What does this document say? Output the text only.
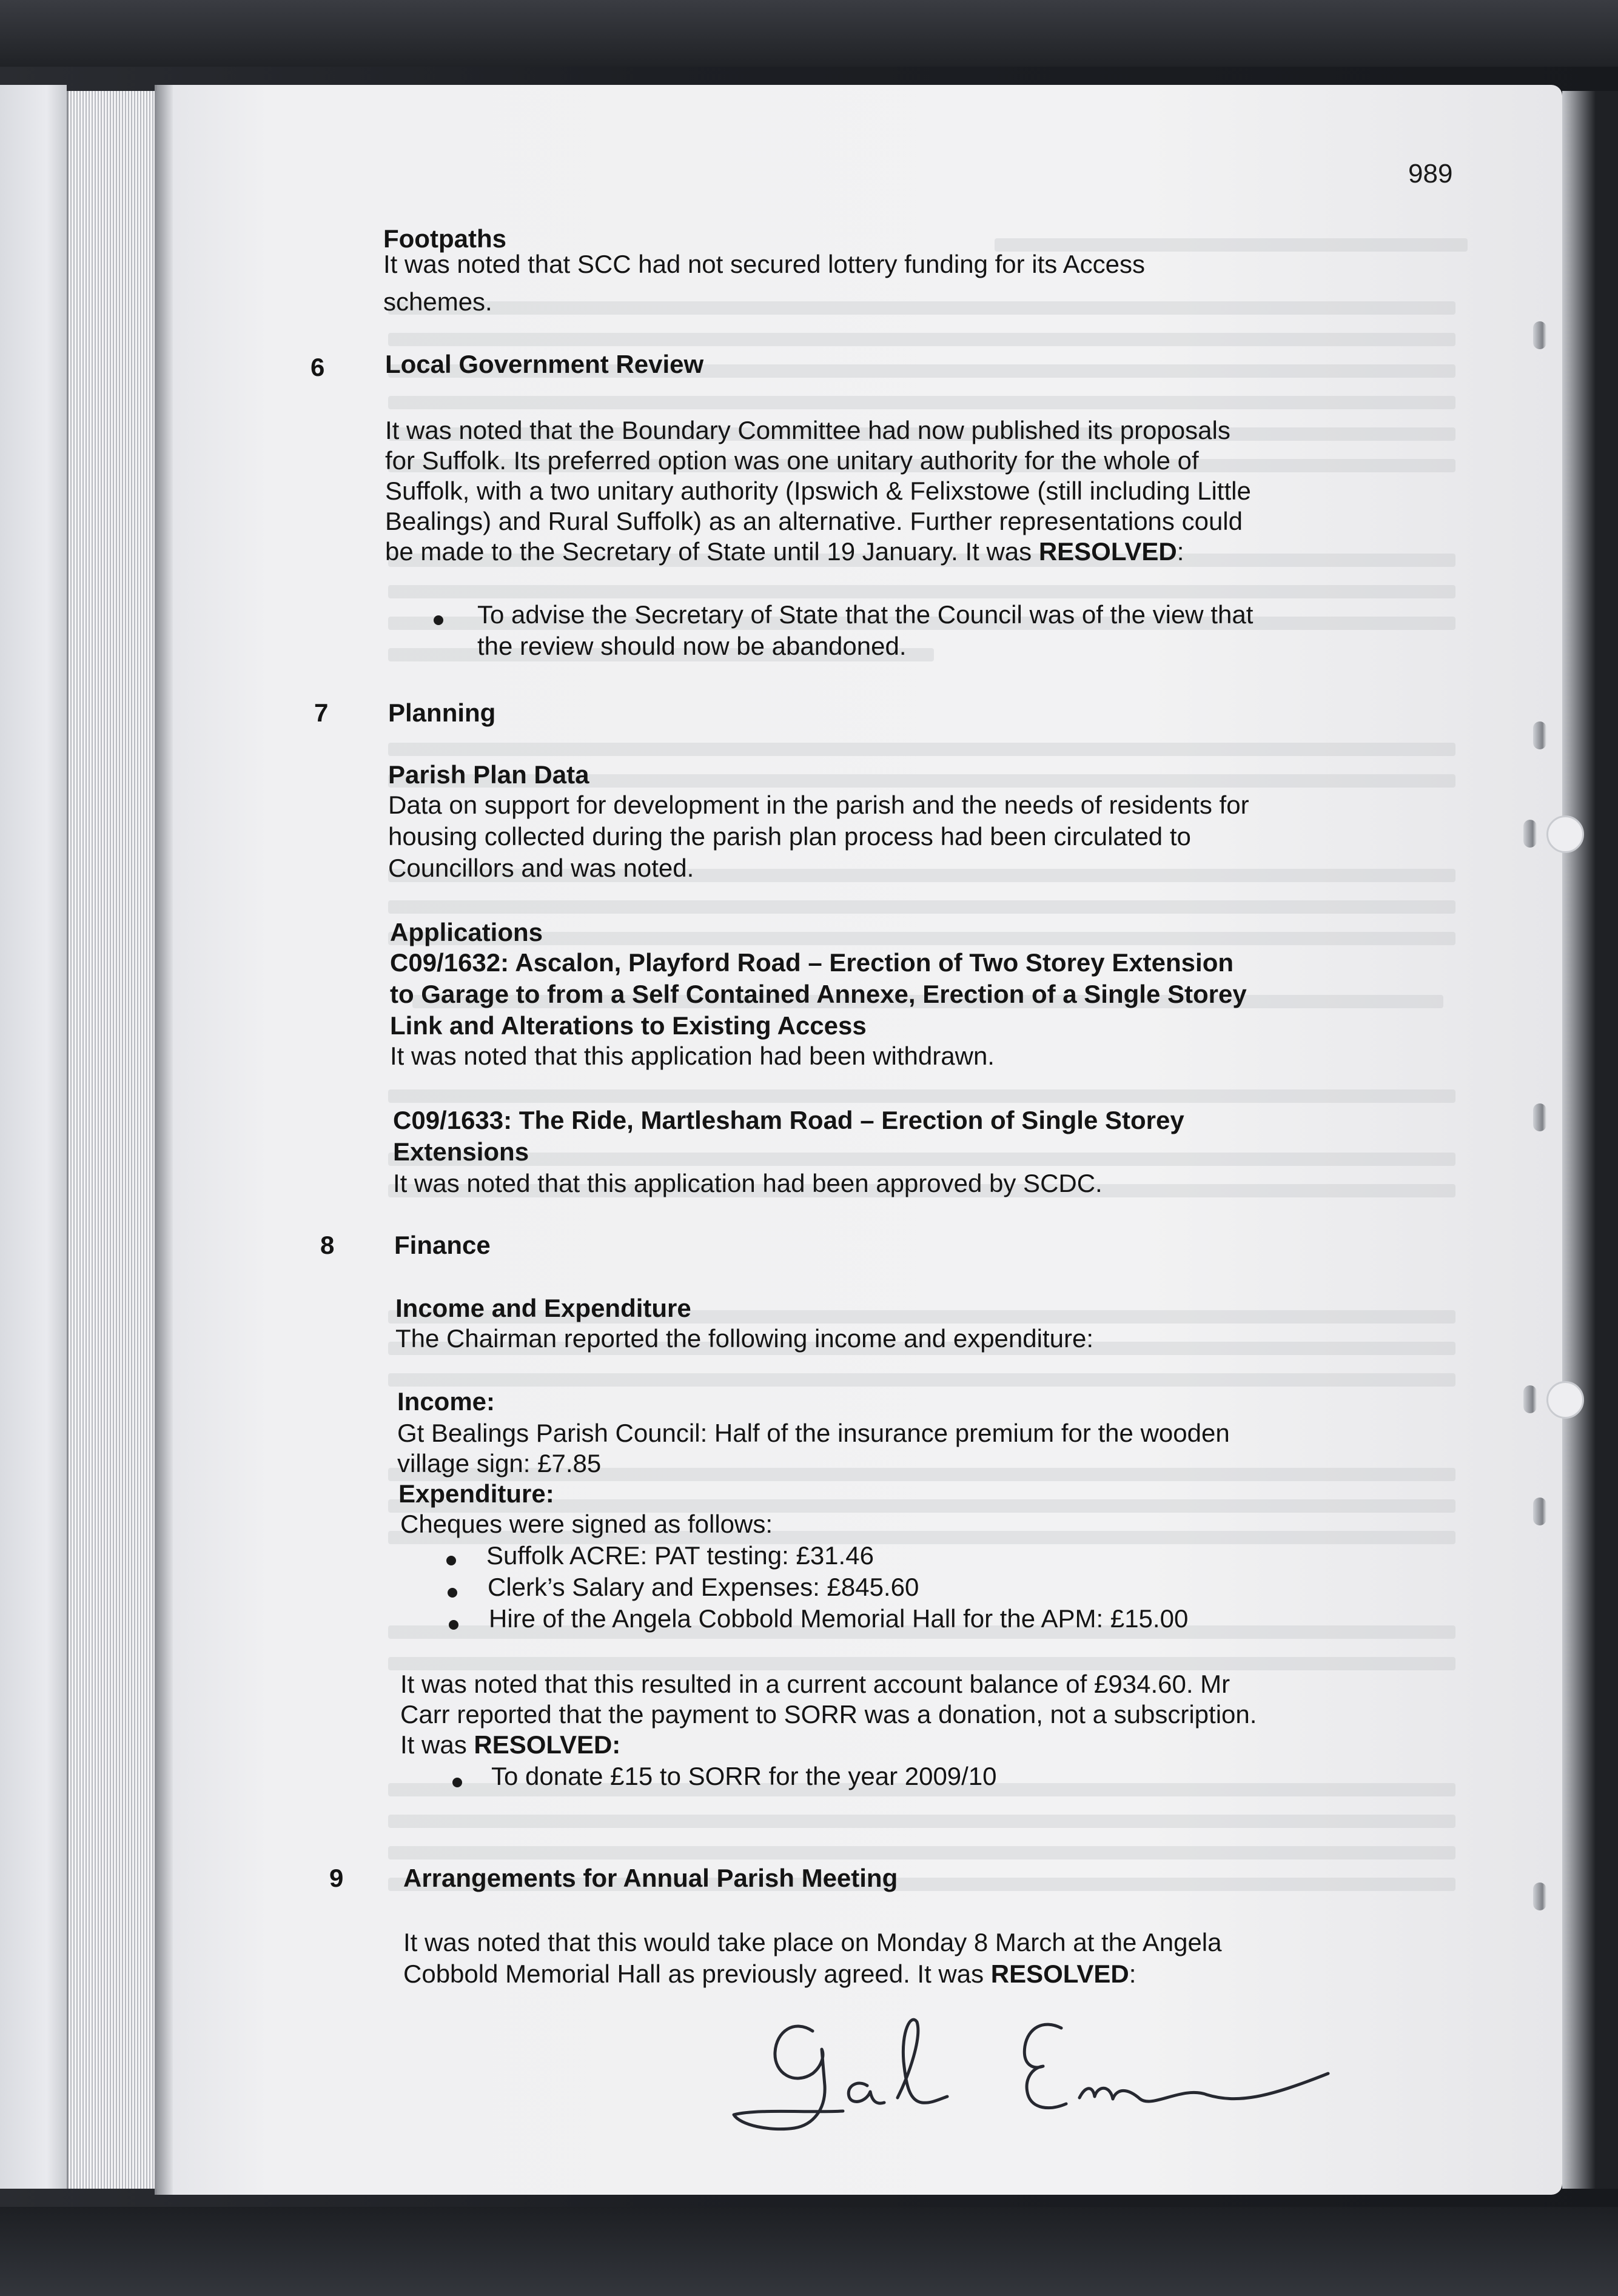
989
Footpaths
It was noted that SCC had not secured lottery funding for its Access
schemes.
6 Local Government Review
It was noted that the Boundary Committee had now published its proposals
for Suffolk. Its preferred option was one unitary authority for the whole of
Suffolk, with a two unitary authority (Ipswich & Felixstowe (still including Little
Bealings) and Rural Suffolk) as an alternative. Further representations could
be made to the Secretary of State until 19 January. It was RESOLVED:
To advise the Secretary of State that the Council was of the view that
the review should now be abandoned.
7 Planning
Parish Plan Data
Data on support for development in the parish and the needs of residents for
housing collected during the parish plan process had been circulated to
Councillors and was noted.
Applications
C09/1632: Ascalon, Playford Road – Erection of Two Storey Extension
to Garage to from a Self Contained Annexe, Erection of a Single Storey
Link and Alterations to Existing Access
It was noted that this application had been withdrawn.
C09/1633: The Ride, Martlesham Road – Erection of Single Storey
Extensions
It was noted that this application had been approved by SCDC.
8 Finance
Income and Expenditure
The Chairman reported the following income and expenditure:
Income:
Gt Bealings Parish Council: Half of the insurance premium for the wooden
village sign: £7.85
Expenditure:
Cheques were signed as follows:
Suffolk ACRE: PAT testing: £31.46
Clerk’s Salary and Expenses: £845.60
Hire of the Angela Cobbold Memorial Hall for the APM: £15.00
It was noted that this resulted in a current account balance of £934.60. Mr
Carr reported that the payment to SORR was a donation, not a subscription.
It was RESOLVED:
To donate £15 to SORR for the year 2009/10
9 Arrangements for Annual Parish Meeting
It was noted that this would take place on Monday 8 March at the Angela
Cobbold Memorial Hall as previously agreed. It was RESOLVED:
